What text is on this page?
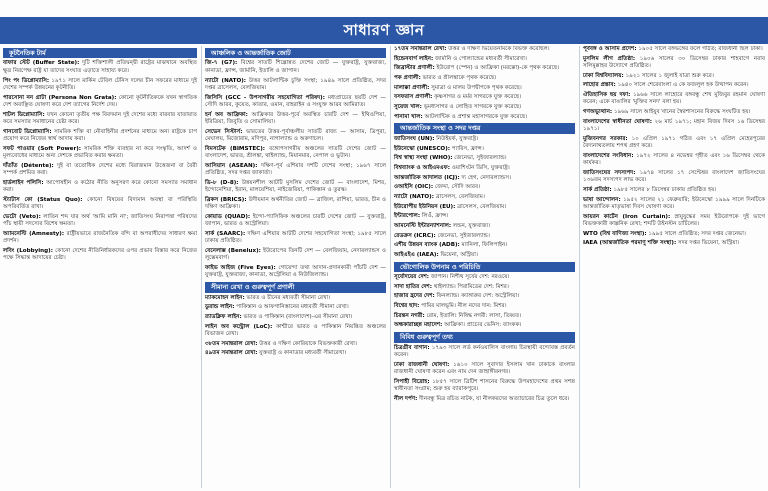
সাধারণ জ্ঞান
কূটনৈতিক টার্ম

বাফার স্টেট (Buffer State): দুটি শক্তিশালী প্রতিদ্বন্দ্বী রাষ্ট্রের মাঝখানে অবস্থিত ক্ষুদ্র নিরপেক্ষ রাষ্ট্র যা তাদের সংঘাত এড়াতে সাহায্য করে।

পিং পং ডিপ্লোম্যাসি: ১৯৭১ সালে মার্কিন টেবিল টেনিস দলের চীন সফরের মাধ্যমে দুই দেশের সম্পর্ক উন্নয়নের কূটনীতি।

পারসোনা নন গ্রাটা (Persona Non Grata): কোনো কূটনীতিককে যখন স্বাগতিক দেশ অবাঞ্ছিত ঘোষণা করে দেশ ত্যাগের নির্দেশ দেয়।

শাটল ডিপ্লোম্যাসি: যখন কোনো তৃতীয় পক্ষ বিবদমান দুই দেশের মধ্যে বারবার যাতায়াত করে সমস্যার সমাধানের চেষ্টা করে।

গানবোট ডিপ্লোম্যাসি: সামরিক শক্তি বা নৌবাহিনীর প্রদর্শনের মাধ্যমে অন্য রাষ্ট্রকে চাপ প্রয়োগ করে নিজের স্বার্থ আদায় করা।

সফট পাওয়ার (Soft Power): সামরিক শক্তি ব্যবহার না করে সংস্কৃতি, আদর্শ ও মূল্যবোধের মাধ্যমে অন্য দেশকে প্রভাবিত করার ক্ষমতা।

দাঁতাঁত (Détente): দুই বা ততোধিক দেশের মধ্যে বিরাজমান উত্তেজনা বা বৈরী সম্পর্ক প্রশমিত করা।

হার্ডলাইন পলিসি: আপোষহীন ও কঠোর নীতি অনুসরণ করে কোনো সমস্যার সমাধান করা।

স্ট্যাটাস কো (Status Quo): কোনো বিষয়ের বিদ্যমান অবস্থা বা পরিস্থিতি অপরিবর্তিত রাখা।

ভেটো (Veto): লাতিন শব্দ যার অর্থ 'আমি মানি না'; জাতিসংঘ নিরাপত্তা পরিষদের পাঁচ স্থায়ী সদস্যের বিশেষ ক্ষমতা।

অ্যামনেস্টি (Amnesty): রাষ্ট্রীয়ভাবে রাজনৈতিক বন্দি বা অপরাধীদের সাধারণ ক্ষমা প্রদর্শন।

লবিং (Lobbying): কোনো দেশের নীতিনির্ধারকদের ওপর প্রভাব বিস্তার করে নিজের পক্ষে সিদ্ধান্ত আদায়ের চেষ্টা।

আঞ্চলিক ও আন্তর্জাতিক জোট

জি-৭ (G7): বিশ্বের সাতটি শিল্পোন্নত দেশের জোট — যুক্তরাষ্ট্র, যুক্তরাজ্য, কানাডা, ফ্রান্স, জার্মানি, ইতালি ও জাপান।

ন্যাটো (NATO): উত্তর আটলান্টিক চুক্তি সংস্থা; ১৯৪৯ সালে প্রতিষ্ঠিত, সদর দপ্তর ব্রাসেলস, বেলজিয়াম।

জিসিসি (GCC - উপসাগরীয় সহযোগিতা পরিষদ): মধ্যপ্রাচ্যের ছয়টি দেশ — সৌদি আরব, কুয়েত, কাতার, ওমান, বাহরাইন ও সংযুক্ত আরব আমিরাত।

হর্ন অব আফ্রিকা: আফ্রিকার উত্তর-পূর্বে অবস্থিত চারটি দেশ — ইথিওপিয়া, ইরিত্রিয়া, জিবুতি ও সোমালিয়া।

সেভেন সিস্টার্স: ভারতের উত্তর-পূর্বাঞ্চলীয় সাতটি রাজ্য — আসাম, ত্রিপুরা, মেঘালয়, মিজোরাম, মণিপুর, নাগাল্যান্ড ও অরুণাচল।

বিমসটেক (BIMSTEC): বঙ্গোপসাগরীয় অঞ্চলের সাতটি দেশের জোট — বাংলাদেশ, ভারত, শ্রীলঙ্কা, থাইল্যান্ড, মিয়ানমার, নেপাল ও ভুটান।

আসিয়ান (ASEAN): দক্ষিণ-পূর্ব এশিয়ার দশটি দেশের সংস্থা; ১৯৬৭ সালে প্রতিষ্ঠিত, সদর দপ্তর জাকার্তা।

ডি-৮ (D-8): উন্নয়নশীল আটটি মুসলিম দেশের জোট — বাংলাদেশ, মিশর, ইন্দোনেশিয়া, ইরান, মালয়েশিয়া, নাইজেরিয়া, পাকিস্তান ও তুরস্ক।

ব্রিকস (BRICS): উদীয়মান অর্থনীতির জোট — ব্রাজিল, রাশিয়া, ভারত, চীন ও দক্ষিণ আফ্রিকা।

কোয়াড (QUAD): ইন্দো-প্যাসিফিক অঞ্চলের চারটি দেশের জোট — যুক্তরাষ্ট্র, জাপান, ভারত ও অস্ট্রেলিয়া।

সার্ক (SAARC): দক্ষিণ এশিয়ার আটটি দেশের সহযোগিতা সংস্থা; ১৯৮৫ সালে ঢাকায় প্রতিষ্ঠিত।

বেনেলাক্স (Benelux): ইউরোপের তিনটি দেশ — বেলজিয়াম, নেদারল্যান্ডস ও লুক্সেমবার্গ।

ফাইভ আইজ (Five Eyes): গোয়েন্দা তথ্য আদান-প্রদানকারী পাঁচটি দেশ — যুক্তরাষ্ট্র, যুক্তরাজ্য, কানাডা, অস্ট্রেলিয়া ও নিউজিল্যান্ড।

সীমানা রেখা ও গুরুত্বপূর্ণ প্রণালী

ম্যাকমোহন লাইন: ভারত ও চীনের মধ্যবর্তী সীমানা রেখা।

ডুরান্ড লাইন: পাকিস্তান ও আফগানিস্তানের মধ্যবর্তী সীমানা রেখা।

র‍্যাডক্লিফ লাইন: ভারত ও পাকিস্তান (বাংলাদেশ)-এর সীমানা রেখা।

লাইন অব কন্ট্রোল (LoC): কাশ্মীরে ভারত ও পাকিস্তান নিয়ন্ত্রিত অঞ্চলের বিভাজন রেখা।

৩৮তম সমান্তরাল রেখা: উত্তর ও দক্ষিণ কোরিয়াকে বিভক্তকারী রেখা।

৪৯তম সমান্তরাল রেখা: যুক্তরাষ্ট্র ও কানাডার মধ্যবর্তী সীমারেখা।

১৭তম সমান্তরাল রেখা: উত্তর ও দক্ষিণ ভিয়েতনামকে বিভক্ত করেছিল।

হিন্ডেনবার্গ লাইন: জার্মানি ও পোল্যান্ডের মধ্যবর্তী সীমারেখা।

জিব্রাল্টার প্রণালী: ইউরোপ (স্পেন) ও আফ্রিকা (মরক্কো)-কে পৃথক করেছে।

পক প্রণালী: ভারত ও শ্রীলঙ্কাকে পৃথক করেছে।

মালাক্কা প্রণালী: সুমাত্রা ও মালয় উপদ্বীপকে পৃথক করেছে।

বসফরাস প্রণালী: কৃষ্ণসাগর ও মর্মর সাগরকে যুক্ত করেছে।

সুয়েজ খাল: ভূমধ্যসাগর ও লোহিত সাগরকে যুক্ত করেছে।

পানামা খাল: আটলান্টিক ও প্রশান্ত মহাসাগরকে যুক্ত করেছে।

আন্তর্জাতিক সংস্থা ও সদর দপ্তর

জাতিসংঘ (UN): নিউইয়র্ক, যুক্তরাষ্ট্র।

ইউনেস্কো (UNESCO): প্যারিস, ফ্রান্স।

বিশ্ব স্বাস্থ্য সংস্থা (WHO): জেনেভা, সুইজারল্যান্ড।

বিশ্বব্যাংক ও আইএমএফ: ওয়াশিংটন ডিসি, যুক্তরাষ্ট্র।

আন্তর্জাতিক আদালত (ICJ): দ্য হেগ, নেদারল্যান্ডস।

ওআইসি (OIC): জেদ্দা, সৌদি আরব।

ন্যাটো (NATO): ব্রাসেলস, বেলজিয়াম।

ইউরোপীয় ইউনিয়ন (EU): ব্রাসেলস, বেলজিয়াম।

ইন্টারপোল: লিওঁ, ফ্রান্স।

আমনেস্টি ইন্টারন্যাশনাল: লন্ডন, যুক্তরাজ্য।

রেডক্রস (ICRC): জেনেভা, সুইজারল্যান্ড।

এশীয় উন্নয়ন ব্যাংক (ADB): ম্যানিলা, ফিলিপাইন।

আইএইএ (IAEA): ভিয়েনা, অস্ট্রিয়া।

ভৌগোলিক উপনাম ও পরিচিতি

সূর্যোদয়ের দেশ: জাপান। নিশীথ সূর্যের দেশ: নরওয়ে।

সাদা হাতির দেশ: থাইল্যান্ড। পিরামিডের দেশ: মিশর।

হাজার হ্রদের দেশ: ফিনল্যান্ড। ক্যাঙ্গারুর দেশ: অস্ট্রেলিয়া।

বিশ্বের ছাদ: পামির মালভূমি। নীল নদের দান: মিশর।

চিরন্তন নগরী: রোম, ইতালি। নিষিদ্ধ নগরী: লাসা, তিব্বত।

অন্ধকারাচ্ছন্ন মহাদেশ: আফ্রিকা। প্রাচ্যের ভেনিস: ব্যাংকক।

বিবিধ গুরুত্বপূর্ণ তথ্য

চিত্রগ্রীব বাগান: ১৭৯৩ সালে লর্ড কর্নওয়ালিস বাংলায় চিরস্থায়ী বন্দোবস্ত প্রবর্তন করেন।

ঢাকা রাজধানী ঘোষণা: ১৬১০ সালে সুবাদার ইসলাম খান ঢাকাকে বাংলার রাজধানী ঘোষণা করেন এবং নাম দেন জাহাঙ্গীরনগর।

সিপাহী বিদ্রোহ: ১৮৫৭ সালে ব্রিটিশ শাসনের বিরুদ্ধে উপমহাদেশের প্রথম সশস্ত্র স্বাধীনতা সংগ্রাম; শুরু হয় ব্যারাকপুরে।

নীল দর্পণ: দীনবন্ধু মিত্র রচিত নাটক, যা নীলকরদের অত্যাচারের চিত্র তুলে ধরে।

পূর্ববঙ্গ ও আসাম প্রদেশ: ১৯০৫ সালে বঙ্গভঙ্গের ফলে গঠিত; রাজধানী ছিল ঢাকা।

মুসলিম লীগ প্রতিষ্ঠা: ১৯০৬ সালের ৩০ ডিসেম্বর ঢাকার শাহবাগে নবাব সলিমুল্লাহর উদ্যোগে প্রতিষ্ঠিত।

ঢাকা বিশ্ববিদ্যালয়: ১৯২১ সালের ১ জুলাই যাত্রা শুরু করে।

লাহোর প্রস্তাব: ১৯৪০ সালে শেরেবাংলা এ কে ফজলুল হক উত্থাপন করেন।

ঐতিহাসিক ছয় দফা: ১৯৬৬ সালে লাহোরে বঙ্গবন্ধু শেখ মুজিবুর রহমান ঘোষণা করেন; একে বাঙালির 'মুক্তির সনদ' বলা হয়।

গণঅভ্যুত্থান: ১৯৬৯ সালে আইয়ুব খানের স্বৈরশাসনের বিরুদ্ধে সংঘটিত হয়।

বাংলাদেশের স্বাধীনতা ঘোষণা: ২৬ মার্চ ১৯৭১; মহান বিজয় দিবস ১৬ ডিসেম্বর ১৯৭১।

মুজিবনগর সরকার: ১০ এপ্রিল ১৯৭১ গঠিত এবং ১৭ এপ্রিল মেহেরপুরের বৈদ্যনাথতলায় শপথ গ্রহণ করে।

বাংলাদেশের সংবিধান: ১৯৭২ সালের ৪ নভেম্বর গৃহীত এবং ১৬ ডিসেম্বর থেকে কার্যকর।

জাতিসংঘের সদস্যপদ: ১৯৭৪ সালের ১৭ সেপ্টেম্বর বাংলাদেশ জাতিসংঘের ১৩৬তম সদস্যপদ লাভ করে।

সার্ক প্রতিষ্ঠা: ১৯৮৫ সালের ৮ ডিসেম্বর ঢাকায় প্রতিষ্ঠিত হয়।

ভাষা আন্দোলন: ১৯৫২ সালের ২১ ফেব্রুয়ারি; ইউনেস্কো ১৯৯৯ সালে দিনটিকে আন্তর্জাতিক মাতৃভাষা দিবস ঘোষণা করে।

আয়রন কার্টেন (Iron Curtain): স্নায়ুযুদ্ধের সময় ইউরোপকে দুই ভাগে বিভক্তকারী কাল্পনিক রেখা; শব্দটি উইনস্টন চার্চিলের।

WTO (বিশ্ব বাণিজ্য সংস্থা): ১৯৯৫ সালে প্রতিষ্ঠিত; সদর দপ্তর জেনেভা।

IAEA (আন্তর্জাতিক পরমাণু শক্তি সংস্থা): সদর দপ্তর ভিয়েনা, অস্ট্রিয়া।
